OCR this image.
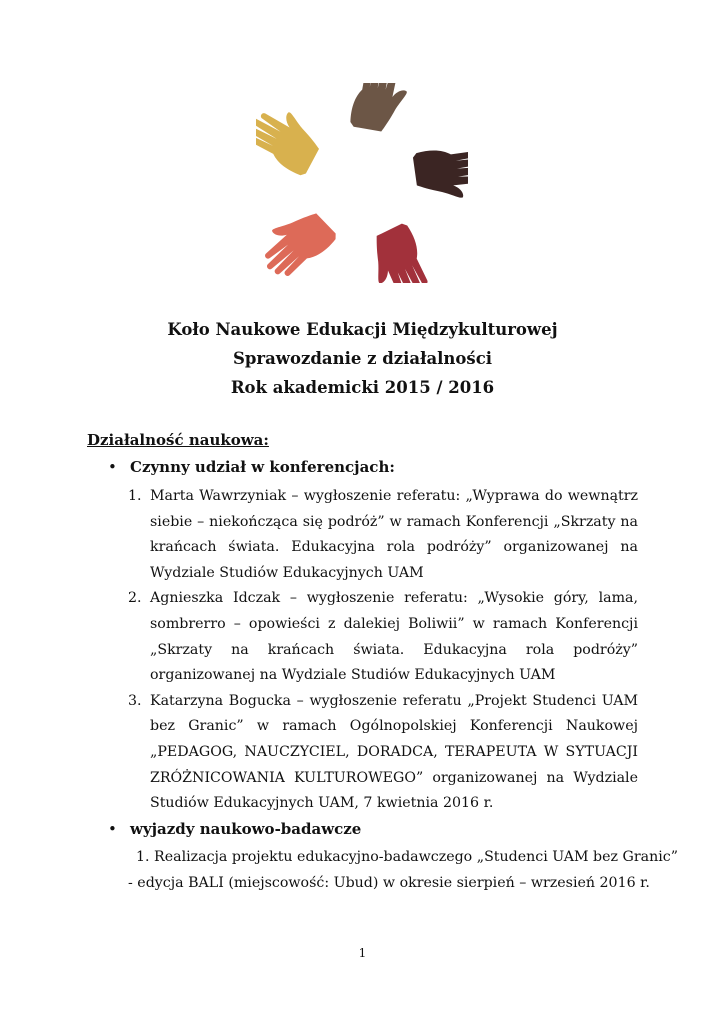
Koło Naukowe Edukacji Międzykulturowej
Sprawozdanie z działalności
Rok akademicki 2015 / 2016
Działalność naukowa:
• Czynny udział w konferencjach:
1. Marta Wawrzyniak – wygłoszenie referatu: „Wyprawa do wewnątrz siebie – niekończąca się podróż” w ramach Konferencji „Skrzaty na krańcach świata. Edukacyjna rola podróży” organizowanej na Wydziale Studiów Edukacyjnych UAM
2. Agnieszka Idczak – wygłoszenie referatu: „Wysokie góry, lama, sombrerro – opowieści z dalekiej Boliwii” w ramach Konferencji „Skrzaty na krańcach świata. Edukacyjna rola podróży” organizowanej na Wydziale Studiów Edukacyjnych UAM
3. Katarzyna Bogucka – wygłoszenie referatu „Projekt Studenci UAM bez Granic” w ramach Ogólnopolskiej Konferencji Naukowej „PEDAGOG, NAUCZYCIEL, DORADCA, TERAPEUTA W SYTUACJI ZRÓŻNICOWANIA KULTUROWEGO” organizowanej na Wydziale Studiów Edukacyjnych UAM, 7 kwietnia 2016 r.
• wyjazdy naukowo-badawcze
1. Realizacja projektu edukacyjno-badawczego „Studenci UAM bez Granic”
- edycja BALI (miejscowość: Ubud) w okresie sierpień – wrzesień 2016 r.
1
